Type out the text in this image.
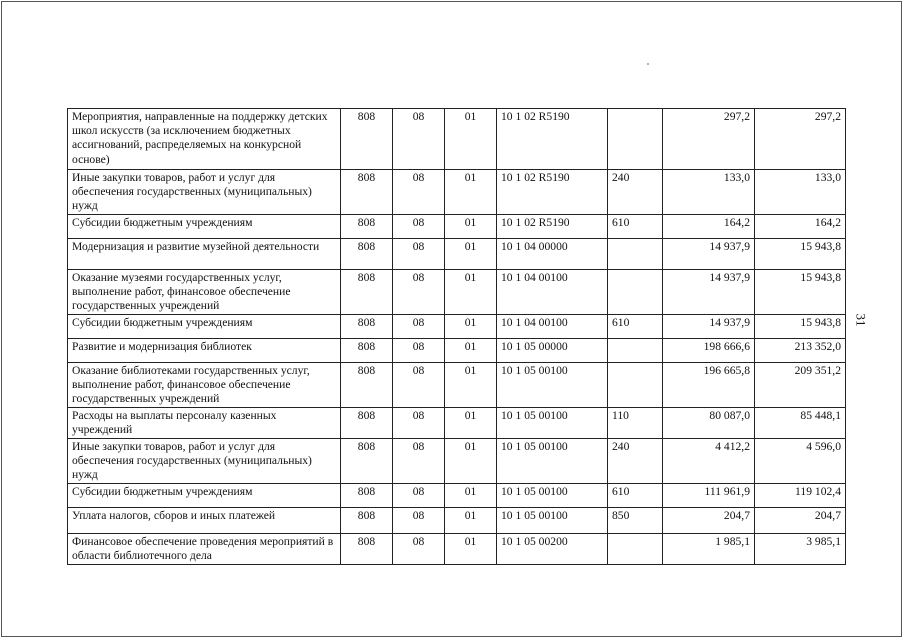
31
Мероприятия, направленные на поддержку детских школ искусств (за исключением бюджетных ассигнований, распределяемых на конкурсной основе)	808	08	01	10 1 02 R5190		297,2	297,2
Иные закупки товаров, работ и услуг для обеспечения государственных (муниципальных) нужд	808	08	01	10 1 02 R5190	240	133,0	133,0
Субсидии бюджетным учреждениям	808	08	01	10 1 02 R5190	610	164,2	164,2
Модернизация и развитие музейной деятельности	808	08	01	10 1 04 00000		14 937,9	15 943,8
Оказание музеями государственных услуг, выполнение работ, финансовое обеспечение государственных учреждений	808	08	01	10 1 04 00100		14 937,9	15 943,8
Субсидии бюджетным учреждениям	808	08	01	10 1 04 00100	610	14 937,9	15 943,8
Развитие и модернизация библиотек	808	08	01	10 1 05 00000		198 666,6	213 352,0
Оказание библиотеками государственных услуг, выполнение работ, финансовое обеспечение государственных учреждений	808	08	01	10 1 05 00100		196 665,8	209 351,2
Расходы на выплаты персоналу казенных учреждений	808	08	01	10 1 05 00100	110	80 087,0	85 448,1
Иные закупки товаров, работ и услуг для обеспечения государственных (муниципальных) нужд	808	08	01	10 1 05 00100	240	4 412,2	4 596,0
Субсидии бюджетным учреждениям	808	08	01	10 1 05 00100	610	111 961,9	119 102,4
Уплата налогов, сборов и иных платежей	808	08	01	10 1 05 00100	850	204,7	204,7
Финансовое обеспечение проведения мероприятий в области библиотечного дела	808	08	01	10 1 05 00200		1 985,1	3 985,1
